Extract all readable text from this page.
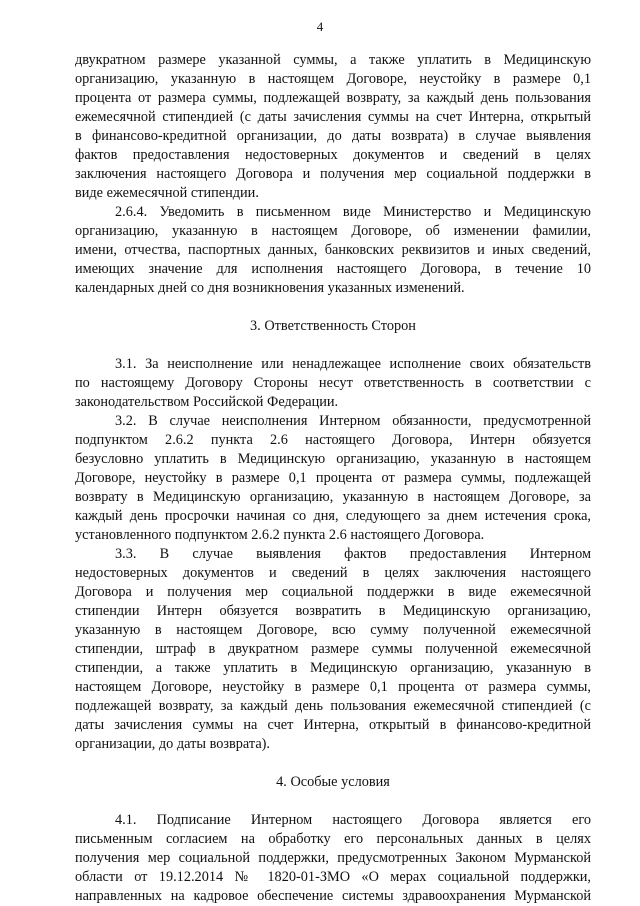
4
двукратном размере указанной суммы, а также уплатить в Медицинскую
организацию, указанную в настоящем Договоре, неустойку в размере 0,1
процента от размера суммы, подлежащей возврату, за каждый день пользования
ежемесячной стипендией (с даты зачисления суммы на счет Интерна, открытый
в финансово-кредитной организации, до даты возврата) в случае выявления
фактов предоставления недостоверных документов и сведений в целях
заключения настоящего Договора и получения мер социальной поддержки в
виде ежемесячной стипендии.
2.6.4. Уведомить в письменном виде Министерство и Медицинскую
организацию, указанную в настоящем Договоре, об изменении фамилии,
имени, отчества, паспортных данных, банковских реквизитов и иных сведений,
имеющих значение для исполнения настоящего Договора, в течение 10
календарных дней со дня возникновения указанных изменений.
3. Ответственность Сторон
3.1. За неисполнение или ненадлежащее исполнение своих обязательств
по настоящему Договору Стороны несут ответственность в соответствии с
законодательством Российской Федерации.
3.2. В случае неисполнения Интерном обязанности, предусмотренной
подпунктом 2.6.2 пункта 2.6 настоящего Договора, Интерн обязуется
безусловно уплатить в Медицинскую организацию, указанную в настоящем
Договоре, неустойку в размере 0,1 процента от размера суммы, подлежащей
возврату в Медицинскую организацию, указанную в настоящем Договоре, за
каждый день просрочки начиная со дня, следующего за днем истечения срока,
установленного подпунктом 2.6.2 пункта 2.6 настоящего Договора.
3.3. В случае выявления фактов предоставления Интерном
недостоверных документов и сведений в целях заключения настоящего
Договора и получения мер социальной поддержки в виде ежемесячной
стипендии Интерн обязуется возвратить в Медицинскую организацию,
указанную в настоящем Договоре, всю сумму полученной ежемесячной
стипендии, штраф в двукратном размере суммы полученной ежемесячной
стипендии, а также уплатить в Медицинскую организацию, указанную в
настоящем Договоре, неустойку в размере 0,1 процента от размера суммы,
подлежащей возврату, за каждый день пользования ежемесячной стипендией (с
даты зачисления суммы на счет Интерна, открытый в финансово-кредитной
организации, до даты возврата).
4. Особые условия
4.1. Подписание Интерном настоящего Договора является его
письменным согласием на обработку его персональных данных в целях
получения мер социальной поддержки, предусмотренных Законом Мурманской
области от 19.12.2014 № 1820-01-ЗМО «О мерах социальной поддержки,
направленных на кадровое обеспечение системы здравоохранения Мурманской
